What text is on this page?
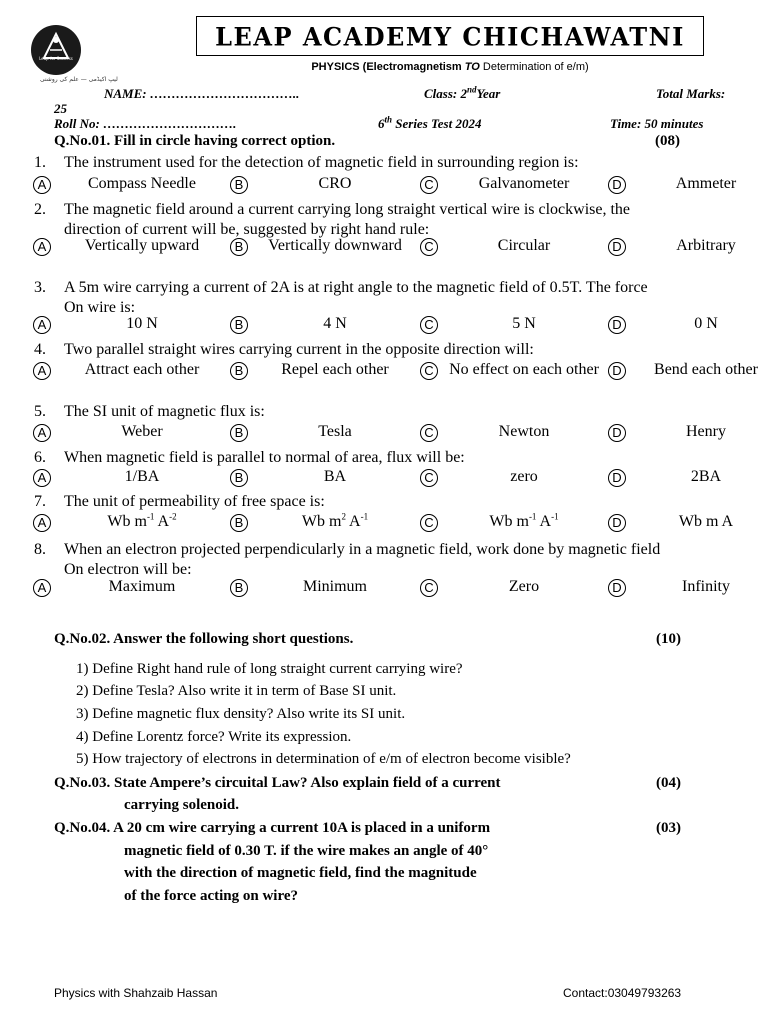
Leap for Success
لیپ اکیڈمی — علم کی روشنی
LEAP ACADEMY CHICHAWATNI
PHYSICS (Electromagnetism TO Determination of e/m)
NAME: ……………………………..	Class: 2ndYear	Total Marks:
25
Roll No: ………………………….	6th Series Test 2024	Time: 50 minutes
Q.No.01. Fill in circle having correct option.	(08)
1. The instrument used for the detection of magnetic field in surrounding region is:
A	Compass Needle	B	CRO	C	Galvanometer	D	Ammeter
2. The magnetic field around a current carrying long straight vertical wire is clockwise, the
direction of current will be, suggested by right hand rule:
A	Vertically upward	B	Vertically downward	C	Circular	D	Arbitrary
3. A 5m wire carrying a current of 2A is at right angle to the magnetic field of 0.5T. The force
On wire is:
A	10 N	B	4 N	C	5 N	D	0 N
4. Two parallel straight wires carrying current in the opposite direction will:
A	Attract each other	B	Repel each other	C No effect on each other	D	Bend each other
5. The SI unit of magnetic flux is:
A	Weber	B	Tesla	C	Newton	D	Henry
6. When magnetic field is parallel to normal of area, flux will be:
A	1/BA	B	BA	C	zero	D	2BA
7. The unit of permeability of free space is:
A	Wb $m^{-1}$ $A^{-2}$	B	Wb $m^2$ $A^{-1}$	C	Wb $m^{-1}$ $A^{-1}$	D	Wb m A
8. When an electron projected perpendicularly in a magnetic field, work done by magnetic field
On electron will be:
A	Maximum	B	Minimum	C	Zero	D	Infinity
Q.No.02. Answer the following short questions.	(10)
1) Define Right hand rule of long straight current carrying wire?
2) Define Tesla? Also write it in term of Base SI unit.
3) Define magnetic flux density? Also write its SI unit.
4) Define Lorentz force? Write its expression.
5) How trajectory of electrons in determination of e/m of electron become visible?
Q.No.03. State Ampere’s circuital Law? Also explain field of a current
carrying solenoid.
(04)
Q.No.04. A 20 cm wire carrying a current 10A is placed in a uniform
magnetic field of 0.30 T. if the wire makes an angle of 40°
with the direction of magnetic field, find the magnitude
of the force acting on wire?
(03)
Physics with Shahzaib Hassan	Contact:03049793263
